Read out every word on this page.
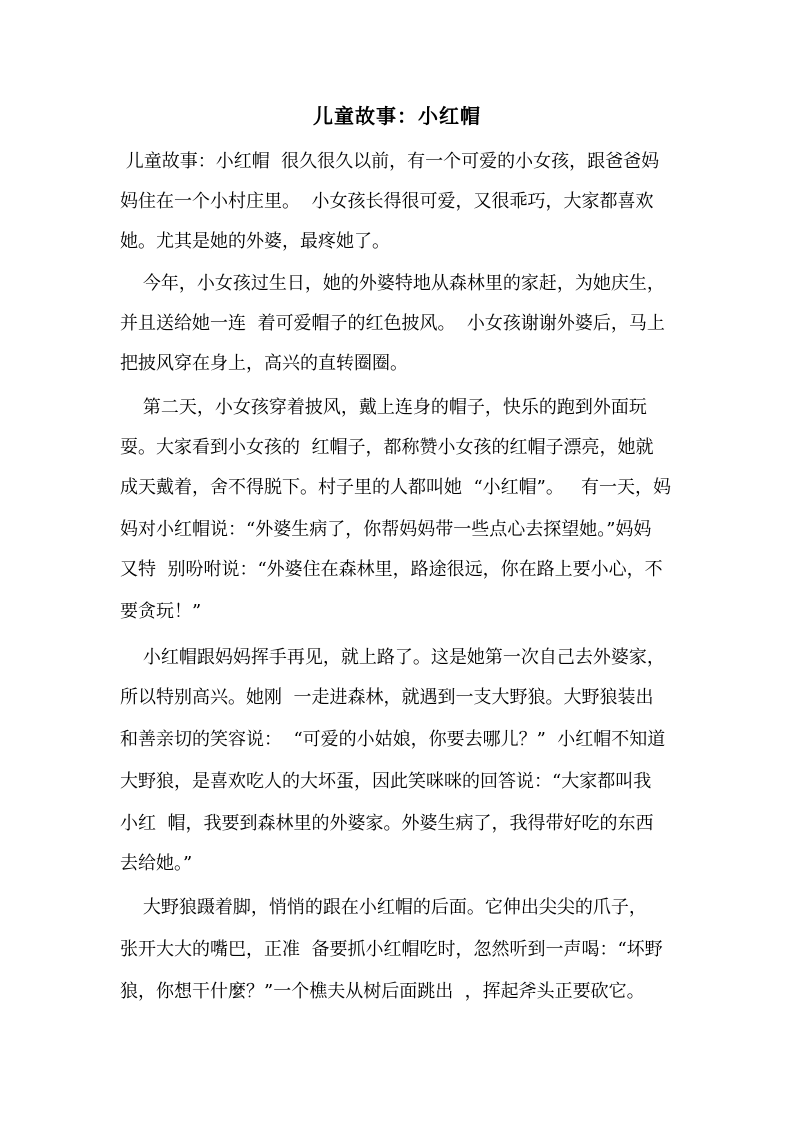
儿童故事：小红帽
儿童故事：小红帽  很久很久以前，有一个可爱的小女孩，跟爸爸妈
妈住在一个小村庄里。  小女孩长得很可爱，又很乖巧，大家都喜欢
她。尤其是她的外婆，最疼她了。
今年，小女孩过生日，她的外婆特地从森林里的家赶，为她庆生，
并且送给她一连  着可爱帽子的红色披风。  小女孩谢谢外婆后，马上
把披风穿在身上，高兴的直转圈圈。
第二天，小女孩穿着披风，戴上连身的帽子，快乐的跑到外面玩
耍。大家看到小女孩的  红帽子，都称赞小女孩的红帽子漂亮，她就
成天戴着，舍不得脱下。村子里的人都叫她  “小红帽”。   有一天，妈
妈对小红帽说：“外婆生病了，你帮妈妈带一些点心去探望她。”妈妈
又特  别吩咐说：“外婆住在森林里，路途很远，你在路上要小心，不
要贪玩！”
小红帽跟妈妈挥手再见，就上路了。这是她第一次自己去外婆家，
所以特别高兴。她刚  一走进森林，就遇到一支大野狼。大野狼装出
和善亲切的笑容说：  “可爱的小姑娘，你要去哪儿？”  小红帽不知道
大野狼，是喜欢吃人的大坏蛋，因此笑咪咪的回答说：“大家都叫我
小红  帽，我要到森林里的外婆家。外婆生病了，我得带好吃的东西
去给她。”
大野狼蹑着脚，悄悄的跟在小红帽的后面。它伸出尖尖的爪子，
张开大大的嘴巴，正准  备要抓小红帽吃时，忽然听到一声喝：“坏野
狼，你想干什麼？”一个樵夫从树后面跳出  ，挥起斧头正要砍它。
